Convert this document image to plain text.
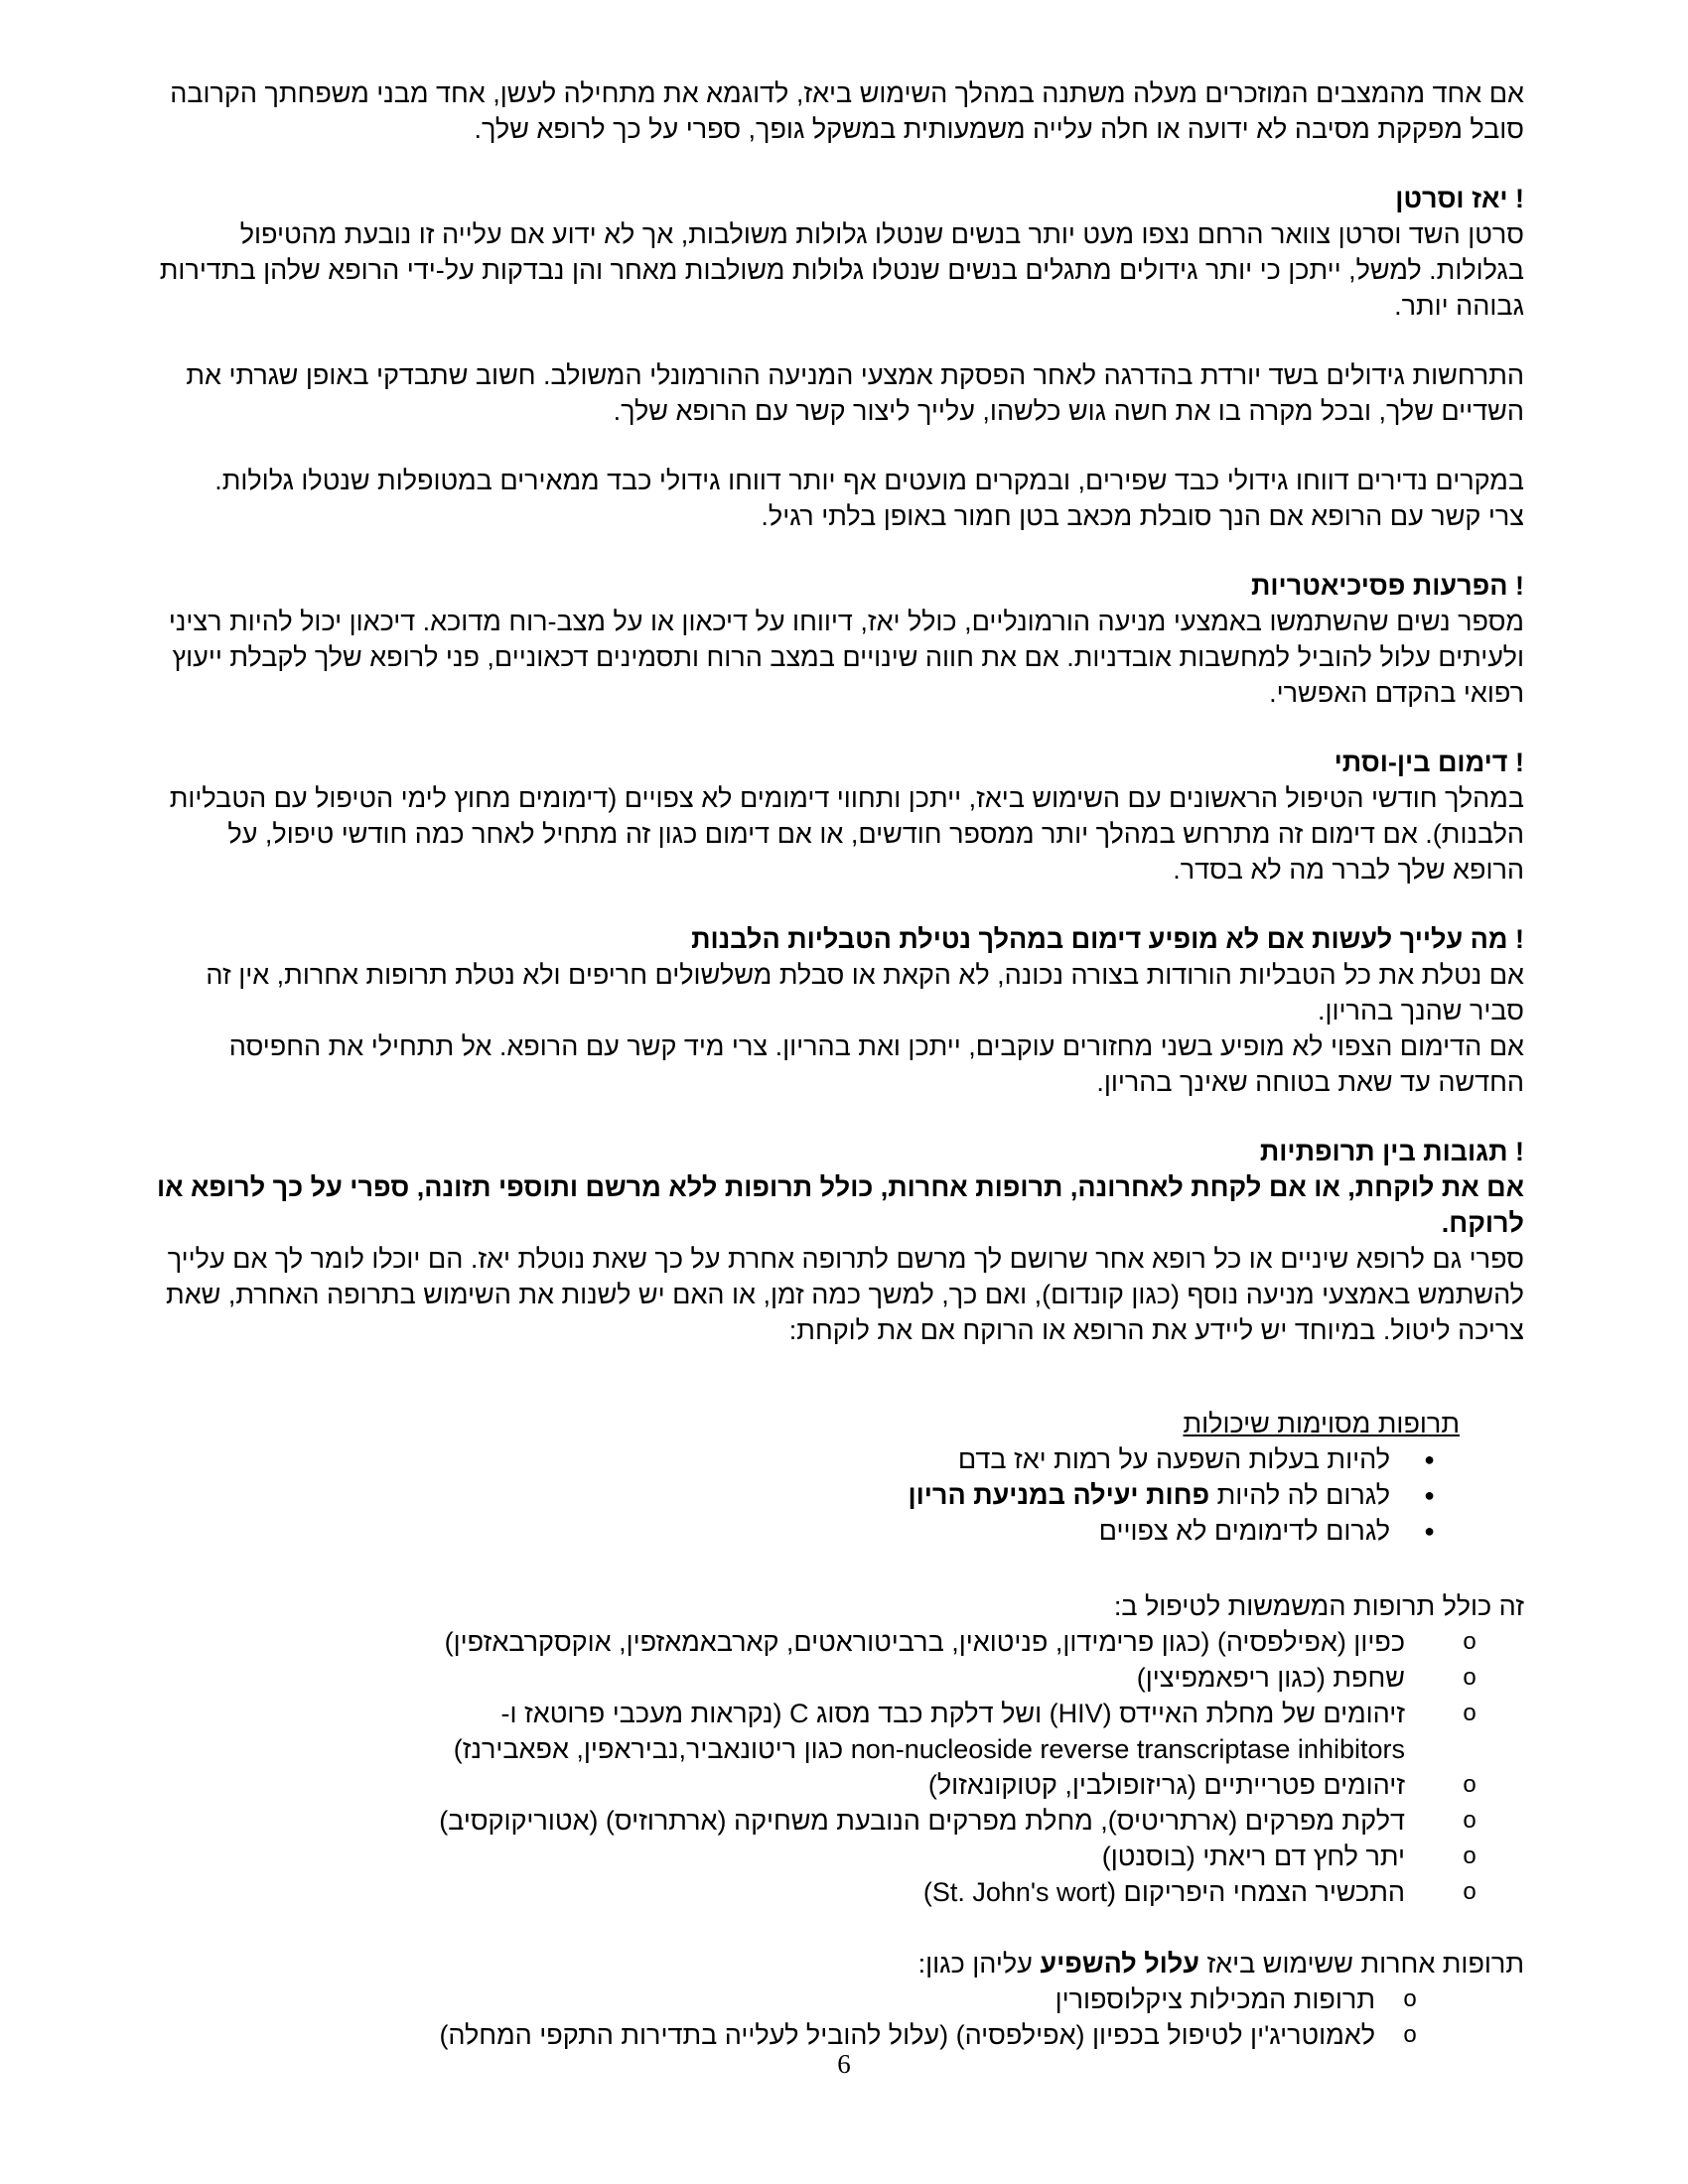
אם אחד מהמצבים המוזכרים מעלה משתנה במהלך השימוש ביאז, לדוגמא את מתחילה לעשן, אחד מבני משפחתך הקרובה סובל מפקקת מסיבה לא ידועה או חלה עלייה משמעותית במשקל גופך, ספרי על כך לרופא שלך.

! יאז וסרטן

סרטן השד וסרטן צוואר הרחם נצפו מעט יותר בנשים שנטלו גלולות משולבות, אך לא ידוע אם עלייה זו נובעת מהטיפול בגלולות. למשל, ייתכן כי יותר גידולים מתגלים בנשים שנטלו גלולות משולבות מאחר והן נבדקות על-ידי הרופא שלהן בתדירות גבוהה יותר.

התרחשות גידולים בשד יורדת בהדרגה לאחר הפסקת אמצעי המניעה ההורמונלי המשולב. חשוב שתבדקי באופן שגרתי את השדיים שלך, ובכל מקרה בו את חשה גוש כלשהו, עלייך ליצור קשר עם הרופא שלך.

במקרים נדירים דווחו גידולי כבד שפירים, ובמקרים מועטים אף יותר דווחו גידולי כבד ממאירים במטופלות שנטלו גלולות.

צרי קשר עם הרופא אם הנך סובלת מכאב בטן חמור באופן בלתי רגיל.

! הפרעות פסיכיאטריות

מספר נשים שהשתמשו באמצעי מניעה הורמונליים, כולל יאז, דיווחו על דיכאון או על מצב-רוח מדוכא. דיכאון יכול להיות רציני ולעיתים עלול להוביל למחשבות אובדניות. אם את חווה שינויים במצב הרוח ותסמינים דכאוניים, פני לרופא שלך לקבלת ייעוץ רפואי בהקדם האפשרי.

! דימום בין-וסתי

במהלך חודשי הטיפול הראשונים עם השימוש ביאז, ייתכן ותחווי דימומים לא צפויים (דימומים מחוץ לימי הטיפול עם הטבליות הלבנות). אם דימום זה מתרחש במהלך יותר ממספר חודשים, או אם דימום כגון זה מתחיל לאחר כמה חודשי טיפול, על הרופא שלך לברר מה לא בסדר.

! מה עלייך לעשות אם לא מופיע דימום במהלך נטילת הטבליות הלבנות

אם נטלת את כל הטבליות הורודות בצורה נכונה, לא הקאת או סבלת משלשולים חריפים ולא נטלת תרופות אחרות, אין זה סביר שהנך בהריון.

אם הדימום הצפוי לא מופיע בשני מחזורים עוקבים, ייתכן ואת בהריון. צרי מיד קשר עם הרופא. אל תתחילי את החפיסה החדשה עד שאת בטוחה שאינך בהריון.

! תגובות בין תרופתיות

אם את לוקחת, או אם לקחת לאחרונה, תרופות אחרות, כולל תרופות ללא מרשם ותוספי תזונה, ספרי על כך לרופא או לרוקח.

ספרי גם לרופא שיניים או כל רופא אחר שרושם לך מרשם לתרופה אחרת על כך שאת נוטלת יאז. הם יוכלו לומר לך אם עלייך להשתמש באמצעי מניעה נוסף (כגון קונדום), ואם כך, למשך כמה זמן, או האם יש לשנות את השימוש בתרופה האחרת, שאת צריכה ליטול. במיוחד יש ליידע את הרופא או הרוקח אם את לוקחת:

תרופות מסוימות שיכולות

● להיות בעלות השפעה על רמות יאז בדם
● לגרום לה להיות פחות יעילה במניעת הריון
● לגרום לדימומים לא צפויים

זה כולל תרופות המשמשות לטיפול ב:

o
כפיון (אפילפסיה) (כגון פרימידון, פניטואין, ברביטוראטים, קארבאמאזפין, אוקסקרבאזפין)
o
שחפת (כגון ריפאמפיצין)
o
זיהומים של מחלת האיידס (HIV) ושל דלקת כבד מסוג C (נקראות מעכבי פרוטאז ו-
non-nucleoside reverse transcriptase inhibitors כגון ריטונאביר,נביראפין, אפאבירנז)
o
זיהומים פטרייתיים (גריזופולבין, קטוקונאזול)
o
דלקת מפרקים (ארתריטיס), מחלת מפרקים הנובעת משחיקה (ארתרוזיס) (אטוריקוקסיב)
o
יתר לחץ דם ריאתי (בוסנטן)
o
התכשיר הצמחי היפריקום (St. John's wort)

תרופות אחרות ששימוש ביאז עלול להשפיע עליהן כגון:

o
תרופות המכילות ציקלוספורין
o
לאמוטריג'ין לטיפול בכפיון (אפילפסיה) (עלול להוביל לעלייה בתדירות התקפי המחלה)
6
